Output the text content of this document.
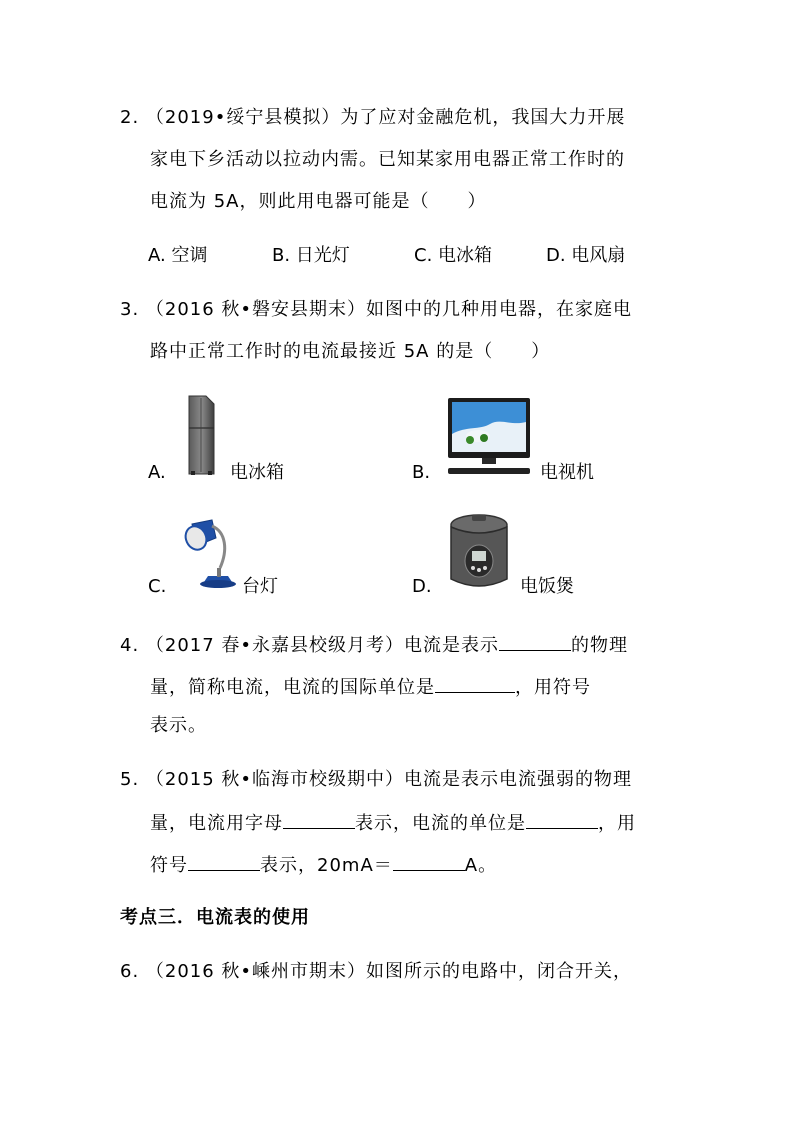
2. （2019•绥宁县模拟）为了应对金融危机，我国大力开展
家电下乡活动以拉动内需。已知某家用电器正常工作时的
电流为 5A，则此用电器可能是（　　）
A. 空调	B. 日光灯	C. 电冰箱	D. 电风扇
3. （2016 秋•磐安县期末）如图中的几种用电器，在家庭电
路中正常工作时的电流最接近 5A 的是（　　）
A.	电冰箱	B.	电视机
C.	台灯	D.	电饭煲
4. （2017 春•永嘉县校级月考）电流是表示	的物理
量，简称电流，电流的国际单位是	，用符号
表示。
5. （2015 秋•临海市校级期中）电流是表示电流强弱的物理
量，电流用字母	表示，电流的单位是	，用
符号	表示，20mA＝	A。
考点三．电流表的使用
6. （2016 秋•嵊州市期末）如图所示的电路中，闭合开关，
